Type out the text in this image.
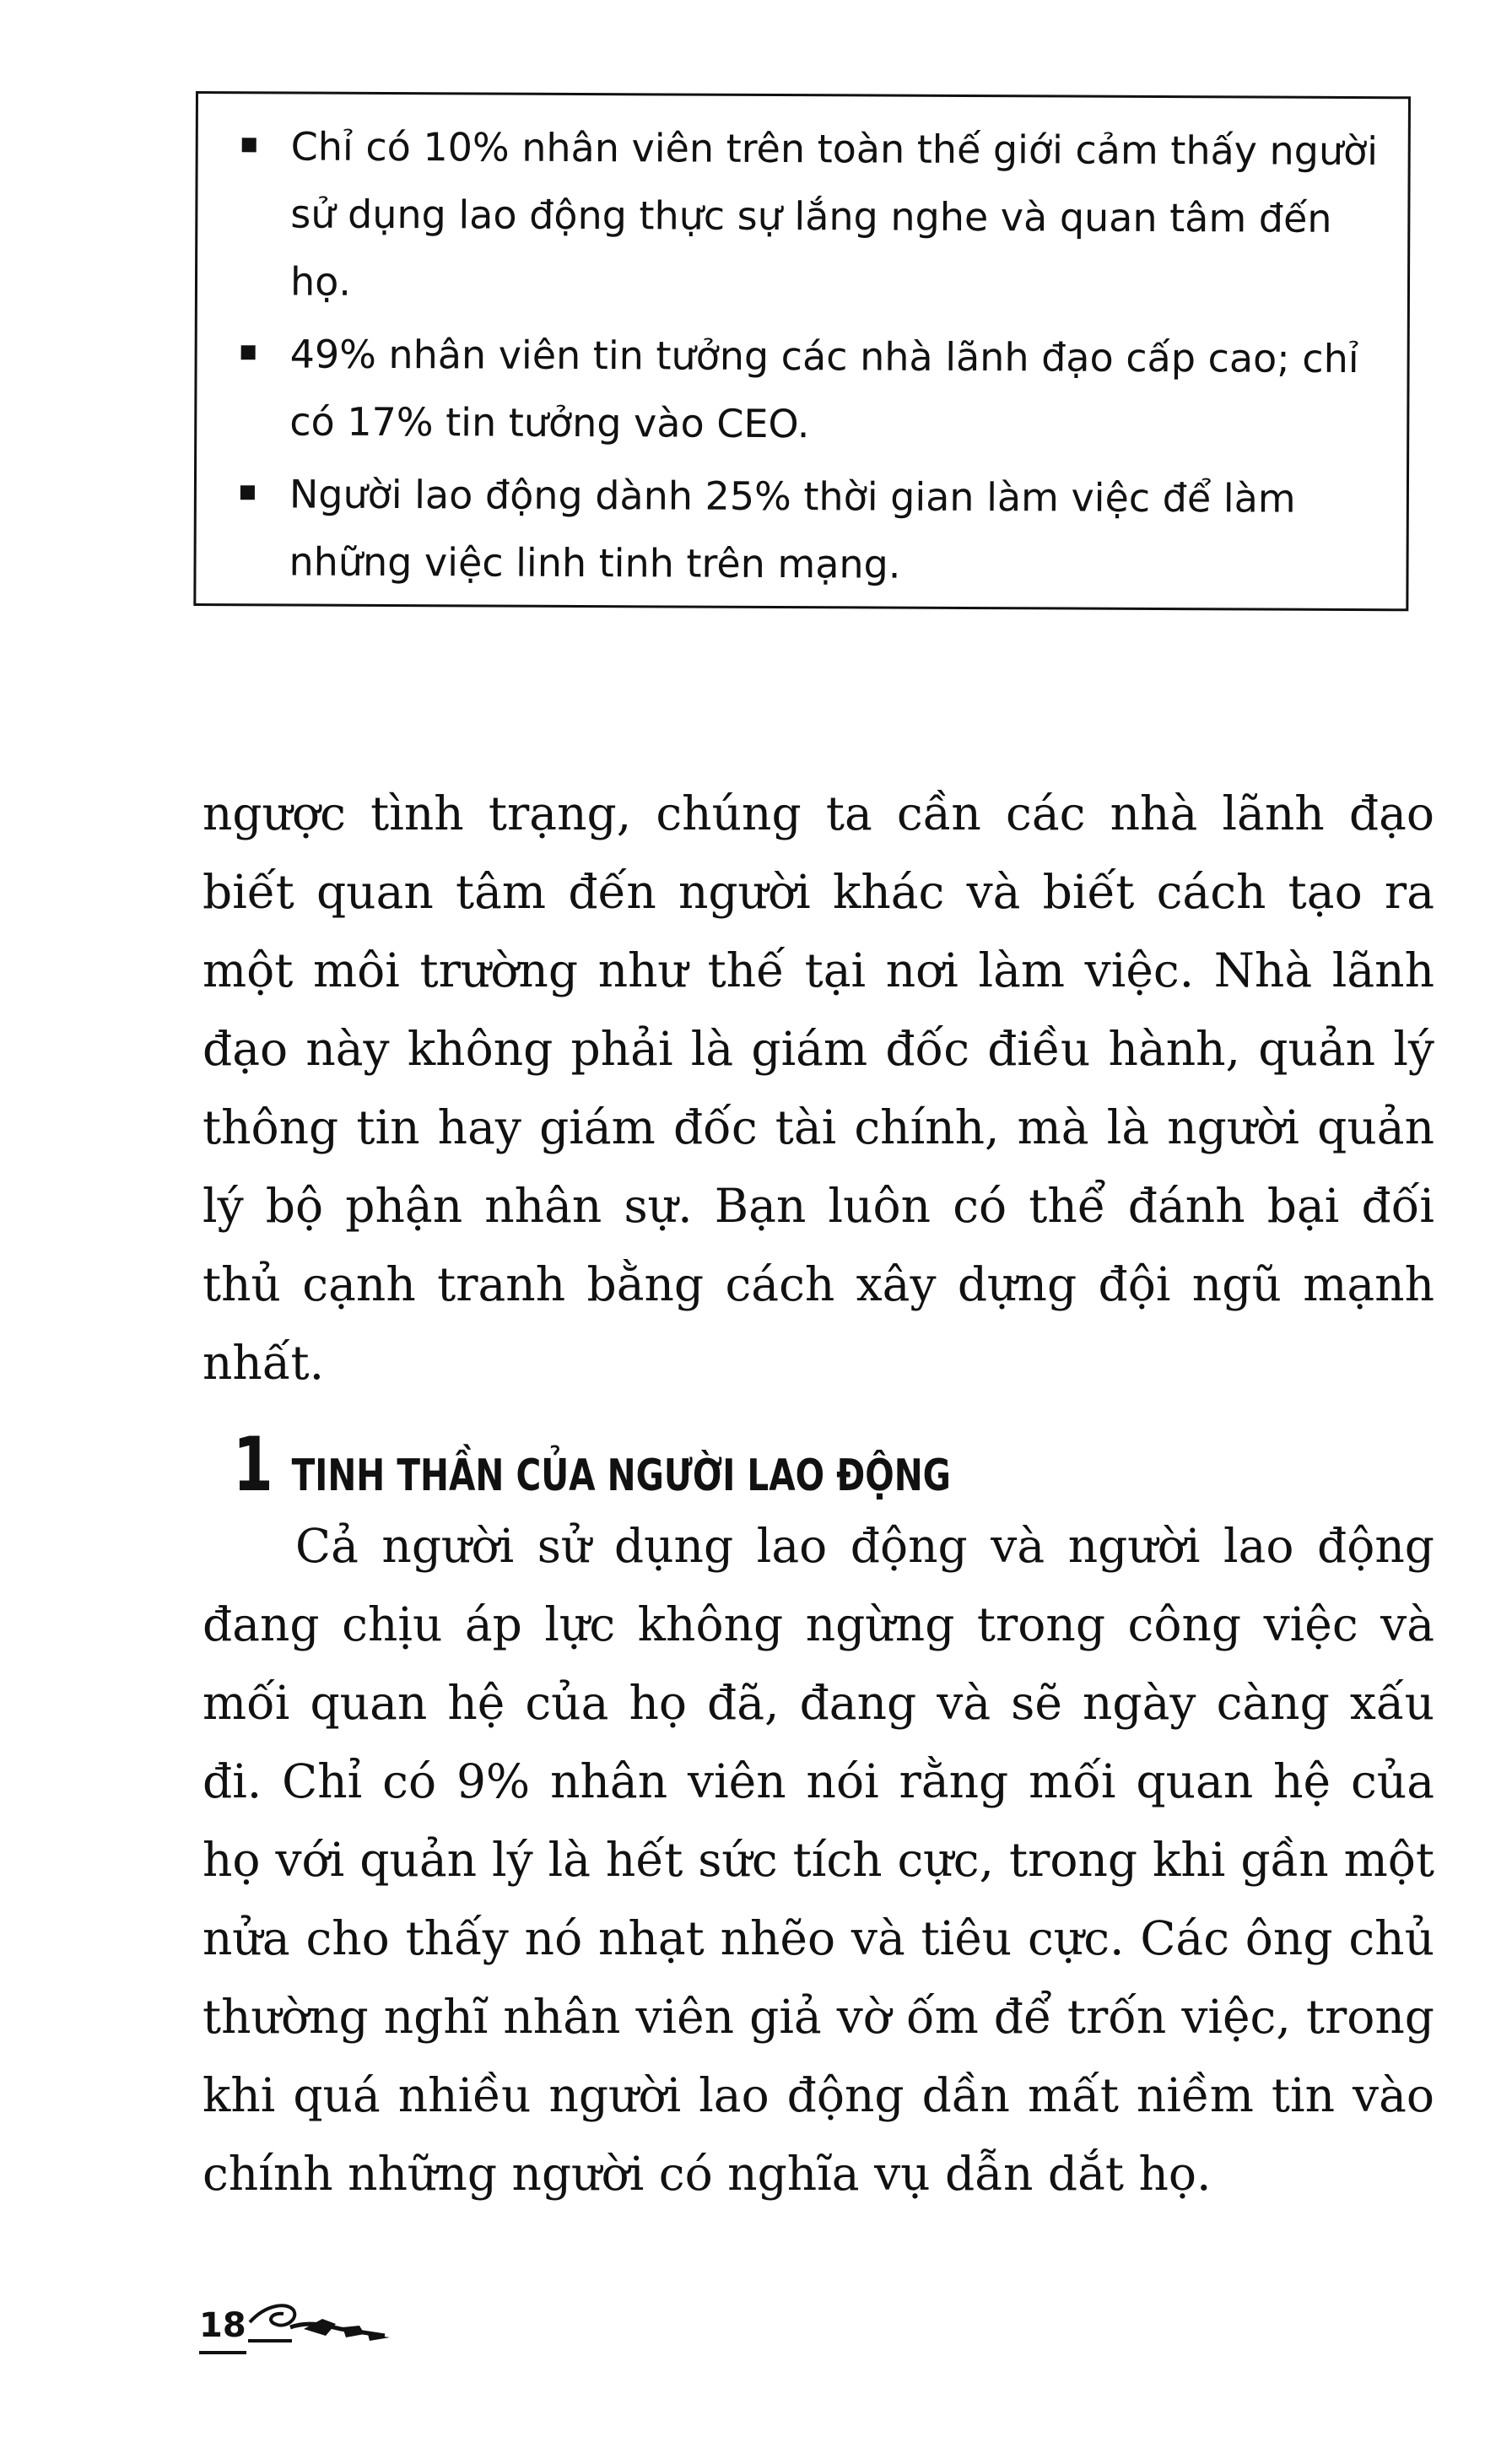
Chỉ có 10% nhân viên trên toàn thế giới cảm thấy người sử dụng lao động thực sự lắng nghe và quan tâm đến họ.
49% nhân viên tin tưởng các nhà lãnh đạo cấp cao; chỉ có 17% tin tưởng vào CEO.
Người lao động dành 25% thời gian làm việc để làm những việc linh tinh trên mạng.

ngược tình trạng, chúng ta cần các nhà lãnh đạo biết quan tâm đến người khác và biết cách tạo ra một môi trường như thế tại nơi làm việc. Nhà lãnh đạo này không phải là giám đốc điều hành, quản lý thông tin hay giám đốc tài chính, mà là người quản lý bộ phận nhân sự. Bạn luôn có thể đánh bại đối thủ cạnh tranh bằng cách xây dựng đội ngũ mạnh nhất.

1 TINH THẦN CỦA NGƯỜI LAO ĐỘNG

Cả người sử dụng lao động và người lao động đang chịu áp lực không ngừng trong công việc và mối quan hệ của họ đã, đang và sẽ ngày càng xấu đi. Chỉ có 9% nhân viên nói rằng mối quan hệ của họ với quản lý là hết sức tích cực, trong khi gần một nửa cho thấy nó nhạt nhẽo và tiêu cực. Các ông chủ thường nghĩ nhân viên giả vờ ốm để trốn việc, trong khi quá nhiều người lao động dần mất niềm tin vào chính những người có nghĩa vụ dẫn dắt họ.

18
